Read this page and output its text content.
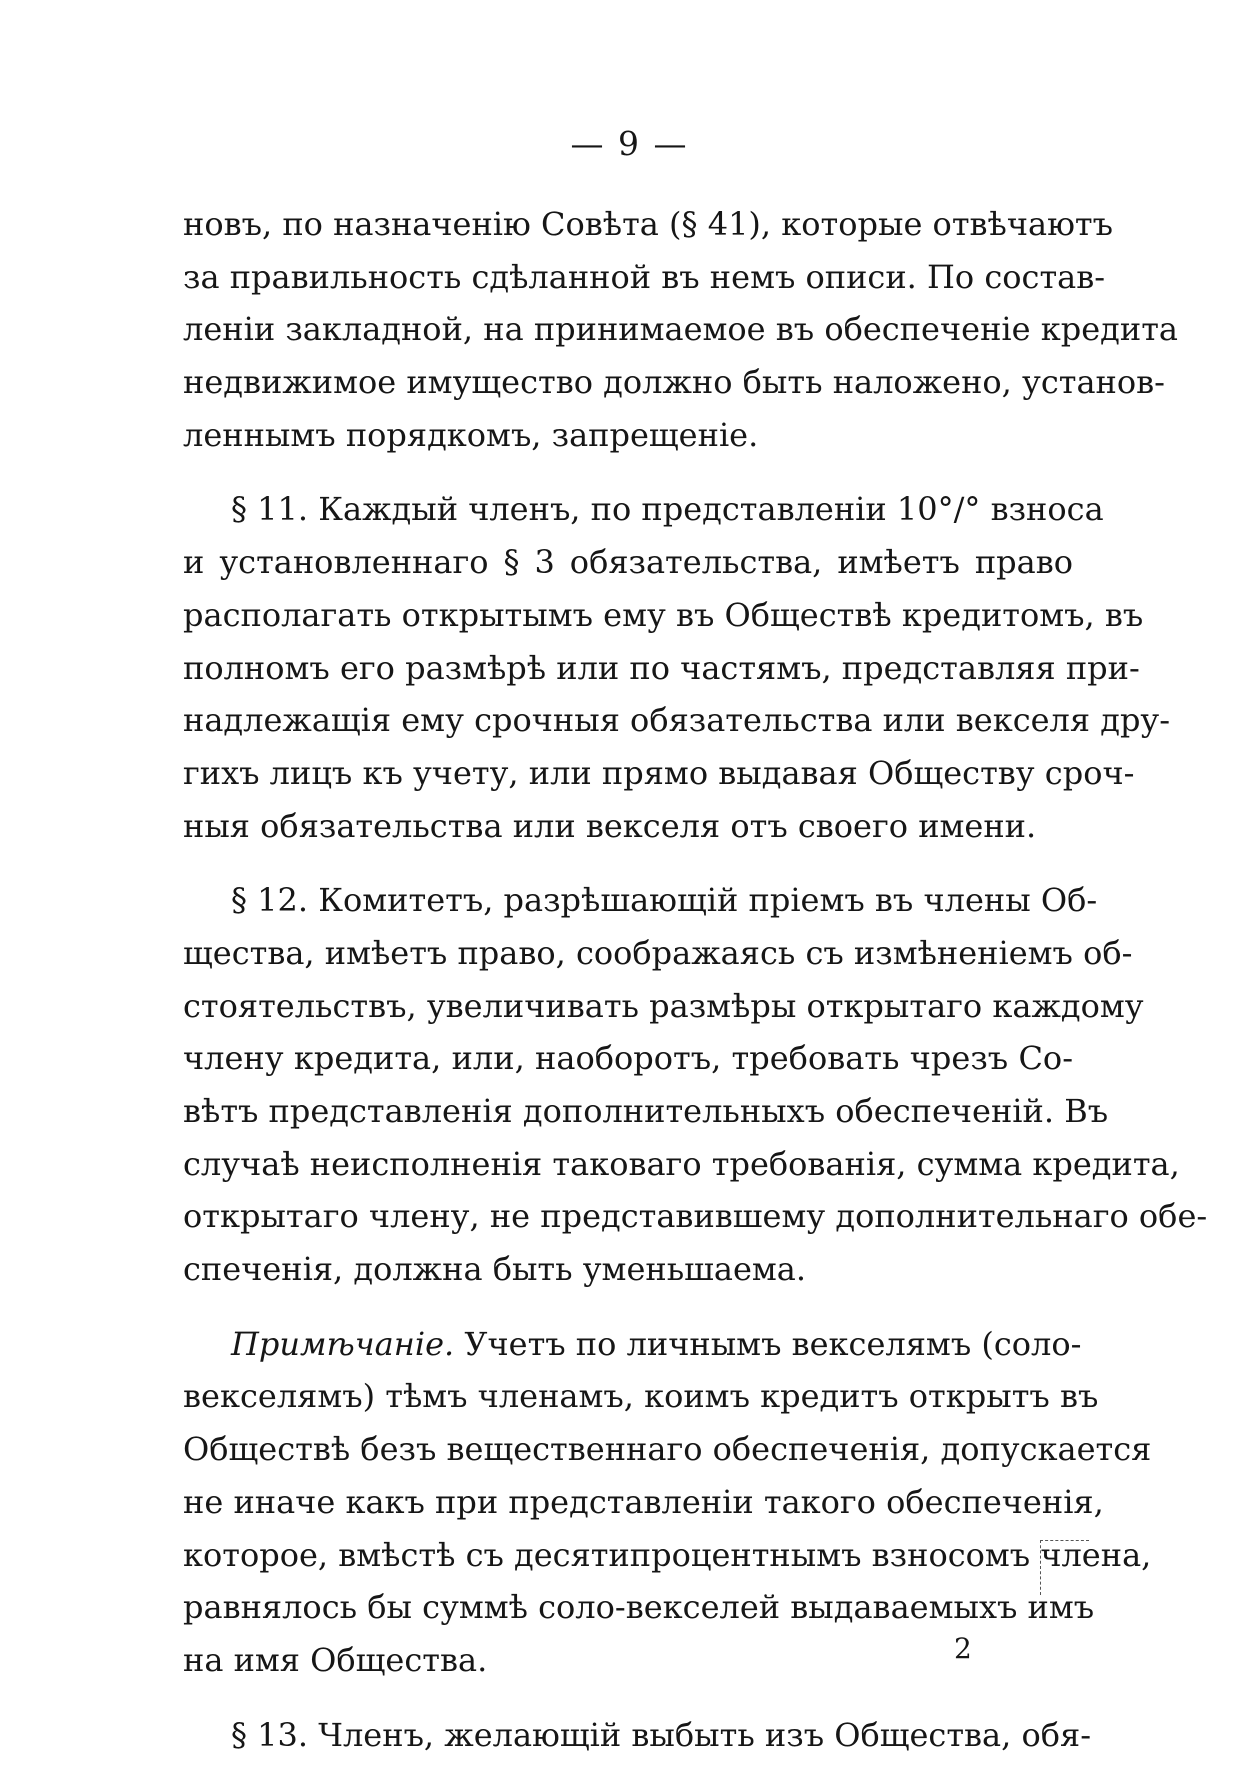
— 9 —
новъ, по назначенію Совѣта (§ 41), которые отвѣчаютъ
за правильность сдѣланной въ немъ описи. По состав-
леніи закладной, на принимаемое въ обеспеченіе кредита
недвижимое имущество должно быть наложено, установ-
леннымъ порядкомъ, запрещеніе.
§ 11. Каждый членъ, по представленіи 10°/° взноса
и установленнаго § 3 обязательства, имѣетъ право
располагать открытымъ ему въ Обществѣ кредитомъ, въ
полномъ его размѣрѣ или по частямъ, представляя при-
надлежащія ему срочныя обязательства или векселя дру-
гихъ лицъ къ учету, или прямо выдавая Обществу сроч-
ныя обязательства или векселя отъ своего имени.
§ 12. Комитетъ, разрѣшающій пріемъ въ члены Об-
щества, имѣетъ право, соображаясь съ измѣненіемъ об-
стоятельствъ, увеличивать размѣры открытаго каждому
члену кредита, или, наоборотъ, требовать чрезъ Со-
вѣтъ представленія дополнительныхъ обеспеченій. Въ
случаѣ неисполненія таковаго требованія, сумма кредита,
открытаго члену, не представившему дополнительнаго обе-
спеченія, должна быть уменьшаема.
Примѣчаніе. Учетъ по личнымъ векселямъ (соло-
векселямъ) тѣмъ членамъ, коимъ кредитъ открытъ въ
Обществѣ безъ вещественнаго обеспеченія, допускается
не иначе какъ при представленіи такого обеспеченія,
которое, вмѣстѣ съ десятипроцентнымъ взносомъ члена,
равнялось бы суммѣ соло-векселей выдаваемыхъ имъ
на имя Общества.
§ 13. Членъ, желающій выбыть изъ Общества, обя-
2
